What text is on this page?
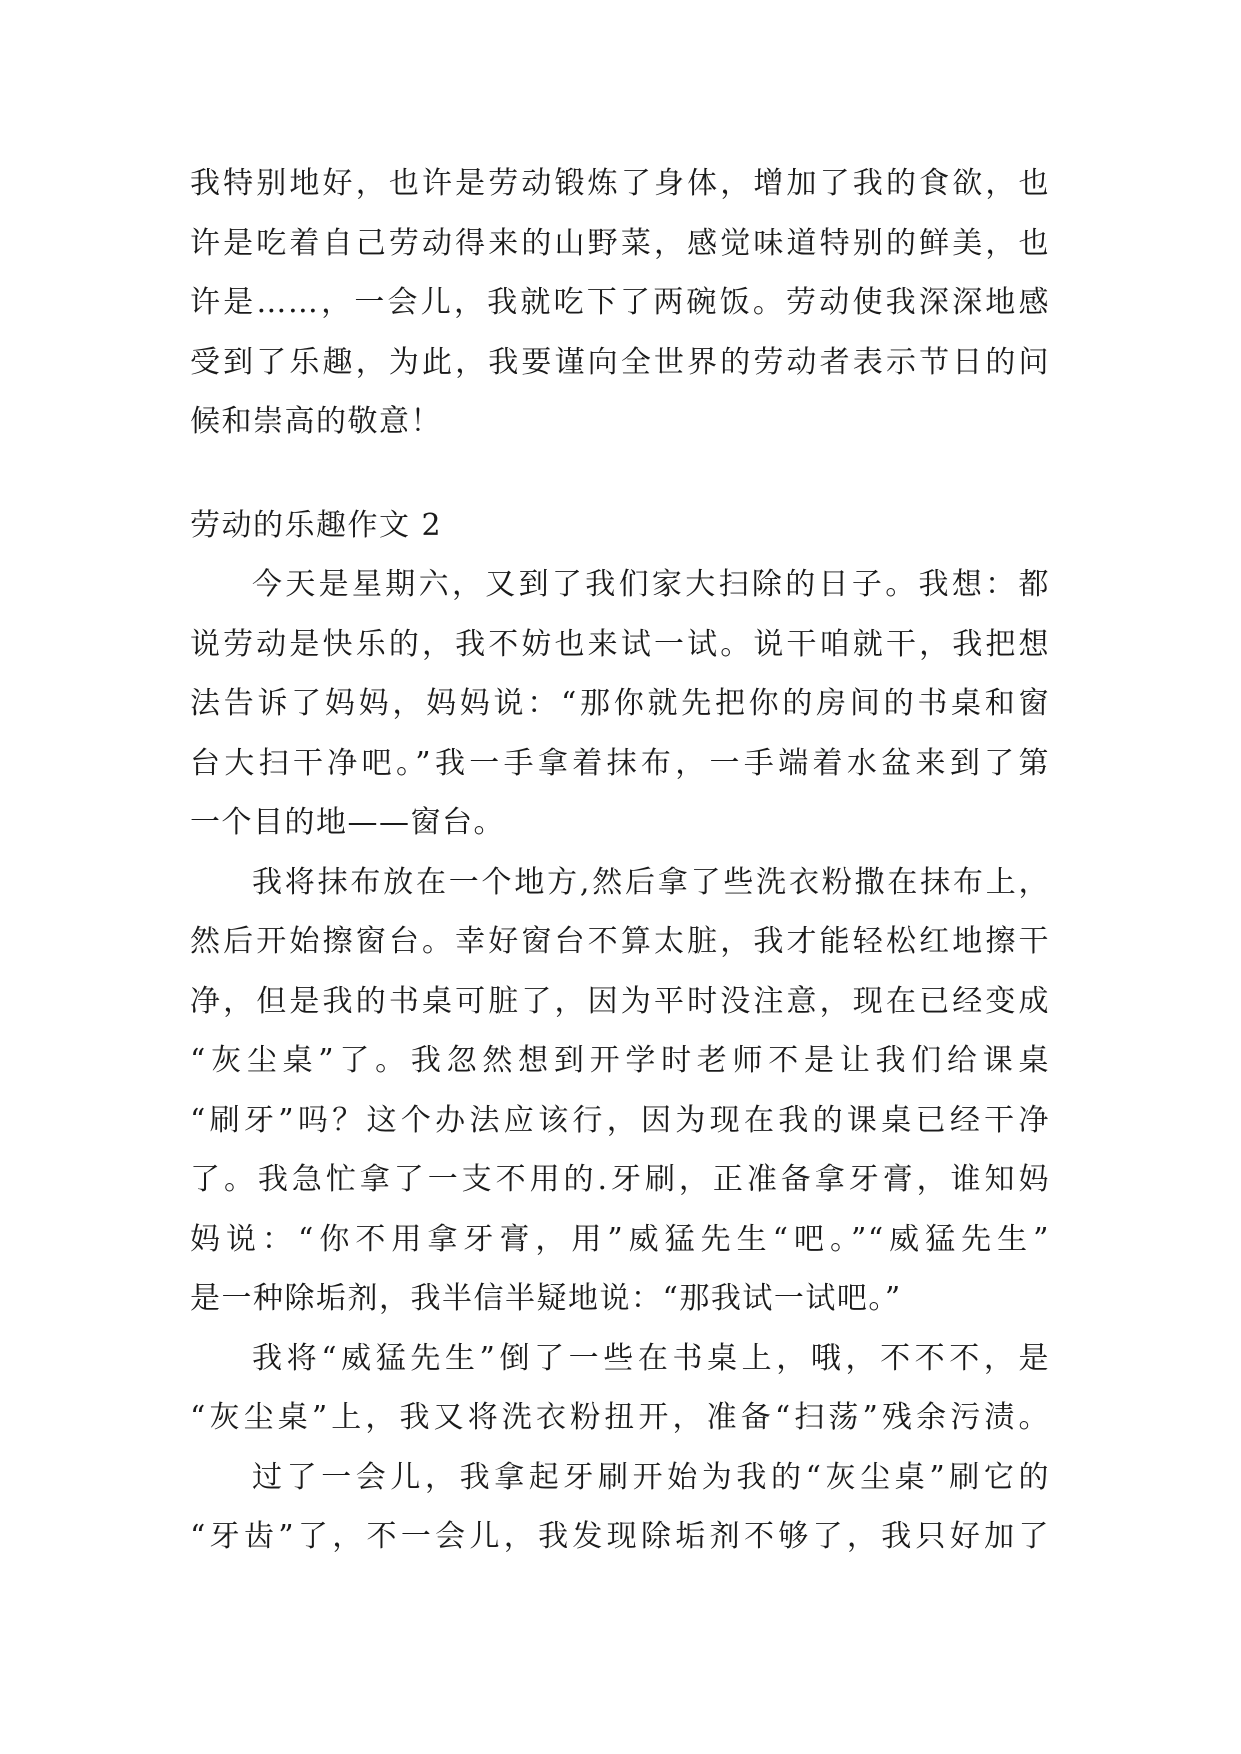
我特别地好，也许是劳动锻炼了身体，增加了我的食欲，也
许是吃着自己劳动得来的山野菜，感觉味道特别的鲜美，也
许是……，一会儿，我就吃下了两碗饭。劳动使我深深地感
受到了乐趣，为此，我要谨向全世界的劳动者表示节日的问
候和崇高的敬意！
劳动的乐趣作文 2
今天是星期六，又到了我们家大扫除的日子。我想：都
说劳动是快乐的，我不妨也来试一试。说干咱就干，我把想
法告诉了妈妈，妈妈说：“那你就先把你的房间的书桌和窗
台大扫干净吧。”我一手拿着抹布，一手端着水盆来到了第
一个目的地——窗台。
我将抹布放在一个地方,然后拿了些洗衣粉撒在抹布上，
然后开始擦窗台。幸好窗台不算太脏，我才能轻松红地擦干
净，但是我的书桌可脏了，因为平时没注意，现在已经变成
“灰尘桌”了。我忽然想到开学时老师不是让我们给课桌
“刷牙”吗？这个办法应该行，因为现在我的课桌已经干净
了。我急忙拿了一支不用的.牙刷，正准备拿牙膏，谁知妈
妈说：“你不用拿牙膏，用”威猛先生“吧。”“威猛先生”
是一种除垢剂，我半信半疑地说：“那我试一试吧。”
我将“威猛先生”倒了一些在书桌上，哦，不不不，是
“灰尘桌”上，我又将洗衣粉扭开，准备“扫荡”残余污渍。
过了一会儿，我拿起牙刷开始为我的“灰尘桌”刷它的
“牙齿”了，不一会儿，我发现除垢剂不够了，我只好加了
